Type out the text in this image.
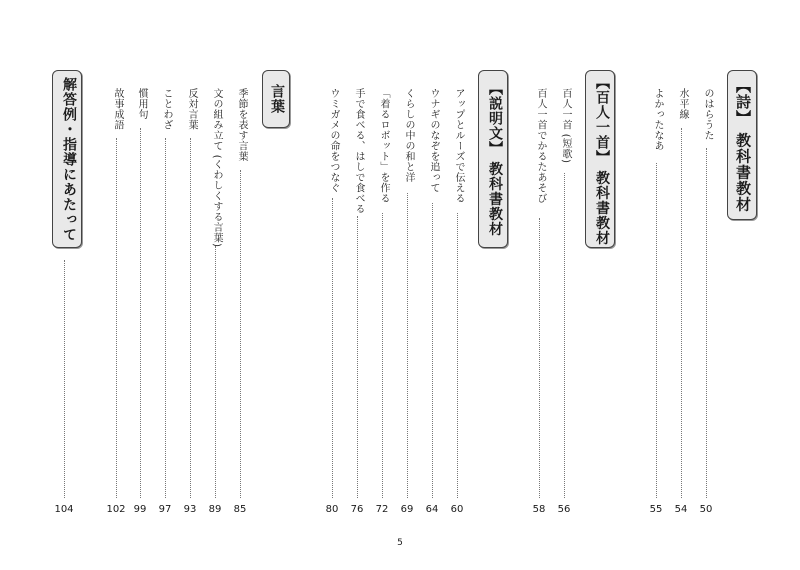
【詩】 教科書教材
のはらうた
50
水平線
54
よかったなあ
55
【百人一首】 教科書教材
百人一首 (短歌)
56
百人一首でかるたあそび
58
【説明文】 教科書教材
アップとルーズで伝える
60
ウナギのなぞを追って
64
くらしの中の和と洋
69
「着るロボット」を作る
72
手で食べる、はしで食べる
76
ウミガメの命をつなぐ
80
言葉
季節を表す言葉
85
文の組み立て (くわしくする言葉)
89
反対言葉
93
ことわざ
97
慣用句
99
故事成語
102
解答例・指導にあたって
104
5
